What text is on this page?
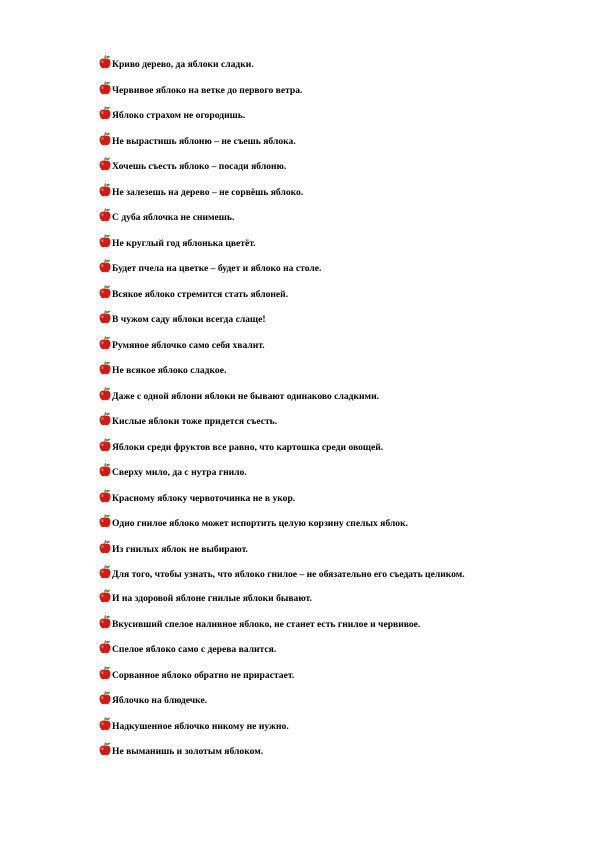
Криво дерево, да яблоки сладки.
Червивое яблоко на ветке до первого ветра.
Яблоко страхом не огородишь.
Не вырастишь яблоню – не съешь яблока.
Хочешь съесть яблоко – посади яблоню.
Не залезешь на дерево – не сорвёшь яблоко.
С дуба яблочка не снимешь.
Не круглый год яблонька цветёт.
Будет пчела на цветке – будет и яблоко на столе.
Всякое яблоко стремится стать яблоней.
В чужом саду яблоки всегда слаще!
Румяное яблочко само себя хвалит.
Не всякое яблоко сладкое.
Даже с одной яблони яблоки не бывают одинаково сладкими.
Кислые яблоки тоже придется съесть.
Яблоки среди фруктов все равно, что картошка среди овощей.
Сверху мило, да с нутра гнило.
Красному яблоку червоточинка не в укор.
Одно гнилое яблоко может испортить целую корзину спелых яблок.
Из гнилых яблок не выбирают.
Для того, чтобы узнать, что яблоко гнилое – не обязательно его съедать целиком.
И на здоровой яблоне гнилые яблоки бывают.
Вкусивший спелое наливное яблоко, не станет есть гнилое и червивое.
Спелое яблоко само с дерева валится.
Сорванное яблоко обратно не прирастает.
Яблочко на блюдечке.
Надкушенное яблочко никому не нужно.
Не выманишь и золотым яблоком.
